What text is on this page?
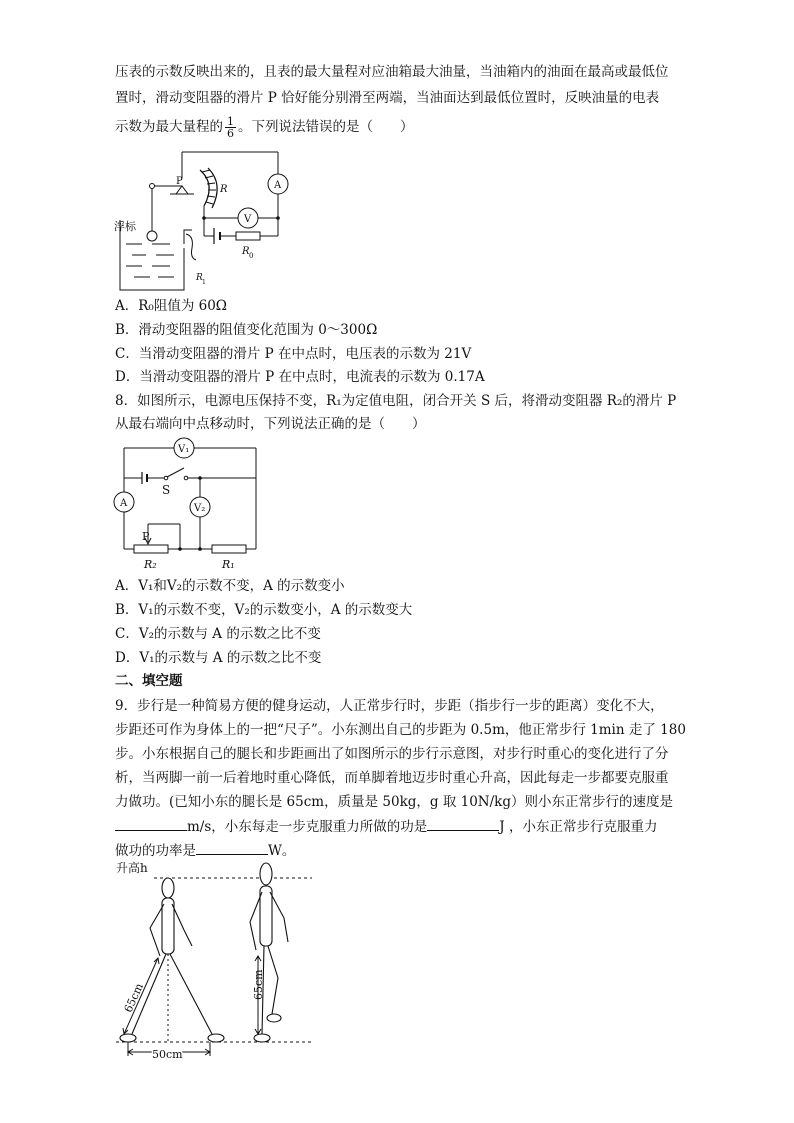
压表的示数反映出来的，且表的最大量程对应油箱最大油量，当油箱内的油面在最高或最低位
置时，滑动变阻器的滑片 P 恰好能分别滑至两端，当油面达到最低位置时，反映油量的电表
示数为最大量程的 $\frac{1}{6}$ 。下列说法错误的是（　　）
浮标
P
R	A
V
R 0
R 1
A．R₀阻值为 60Ω
B．滑动变阻器的阻值变化范围为 0～300Ω
C．当滑动变阻器的滑片 P 在中点时，电压表的示数为 21V
D．当滑动变阻器的滑片 P 在中点时，电流表的示数为 0.17A
8．如图所示，电源电压保持不变，R₁为定值电阻，闭合开关 S 后，将滑动变阻器 R₂的滑片 P
从最右端向中点移动时，下列说法正确的是（　　）
V₁
V₂
A
S
P
R₂	R₁
A．V₁和V₂的示数不变，A 的示数变小
B．V₁的示数不变，V₂的示数变小，A 的示数变大
C．V₂的示数与 A 的示数之比不变
D．V₁的示数与 A 的示数之比不变
二、填空题
9．步行是一种简易方便的健身运动，人正常步行时，步距（指步行一步的距离）变化不大，
步距还可作为身体上的一把“尺子”。小东测出自己的步距为 0.5m，他正常步行 1min 走了 180
步。小东根据自己的腿长和步距画出了如图所示的步行示意图，对步行时重心的变化进行了分
析，当两脚一前一后着地时重心降低，而单脚着地迈步时重心升高，因此每走一步都要克服重
力做功。(已知小东的腿长是 65cm，质量是 50kg，g 取 10N/kg）则小东正常步行的速度是
m/s，小东每走一步克服重力所做的功是	J ，小东正常步行克服重力
做功的功率是	W。
升高h
65cm	65cm
50cm
